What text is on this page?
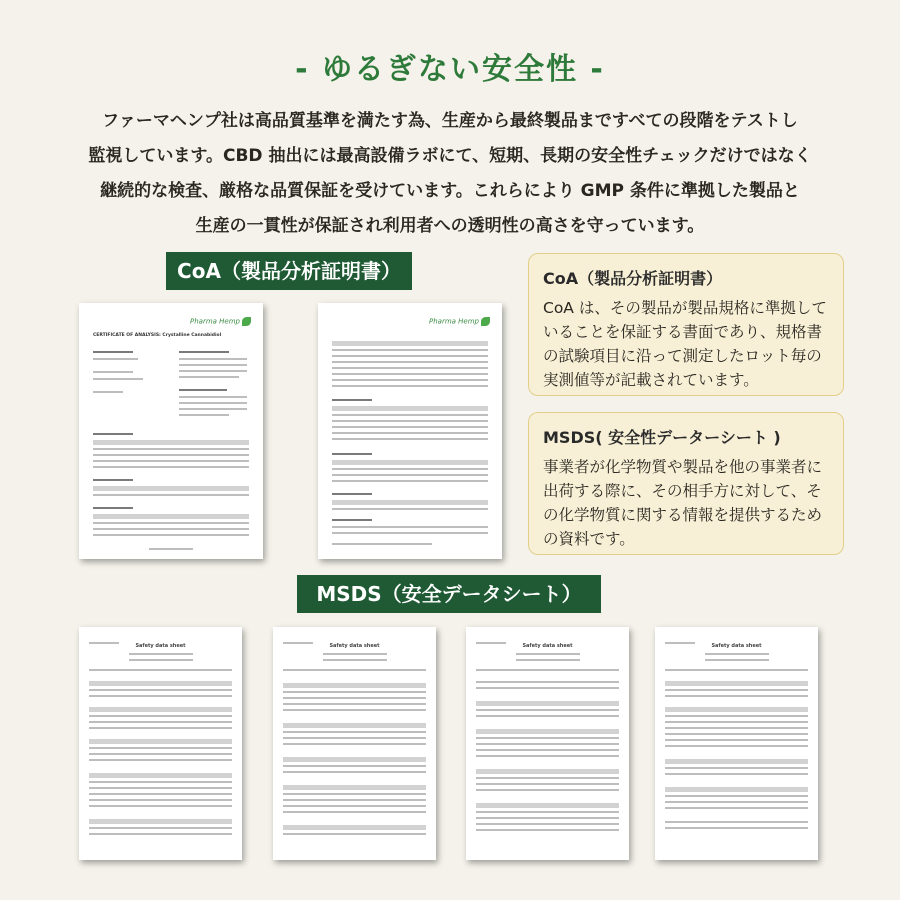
- ゆるぎない安全性 -
ファーマヘンプ社は高品質基準を満たす為、生産から最終製品まですべての段階をテストし
監視しています。CBD 抽出には最高設備ラボにて、短期、長期の安全性チェックだけではなく
継続的な検査、厳格な品質保証を受けています。これらにより GMP 条件に準拠した製品と
生産の一貫性が保証され利用者への透明性の高さを守っています。
CoA（製品分析証明書）
Pharma Hemp
CERTIFICATE OF ANALYSIS: Crystalline Cannabidiol
Pharma Hemp
CoA（製品分析証明書）
CoA は、その製品が製品規格に準拠して
いることを保証する書面であり、規格書
の試験項目に沿って測定したロット毎の
実測値等が記載されています。
MSDS( 安全性データーシート )
事業者が化学物質や製品を他の事業者に
出荷する際に、その相手方に対して、そ
の化学物質に関する情報を提供するため
の資料です。
MSDS（安全データシート）
Safety data sheet	Safety data sheet	Safety data sheet	Safety data sheet
